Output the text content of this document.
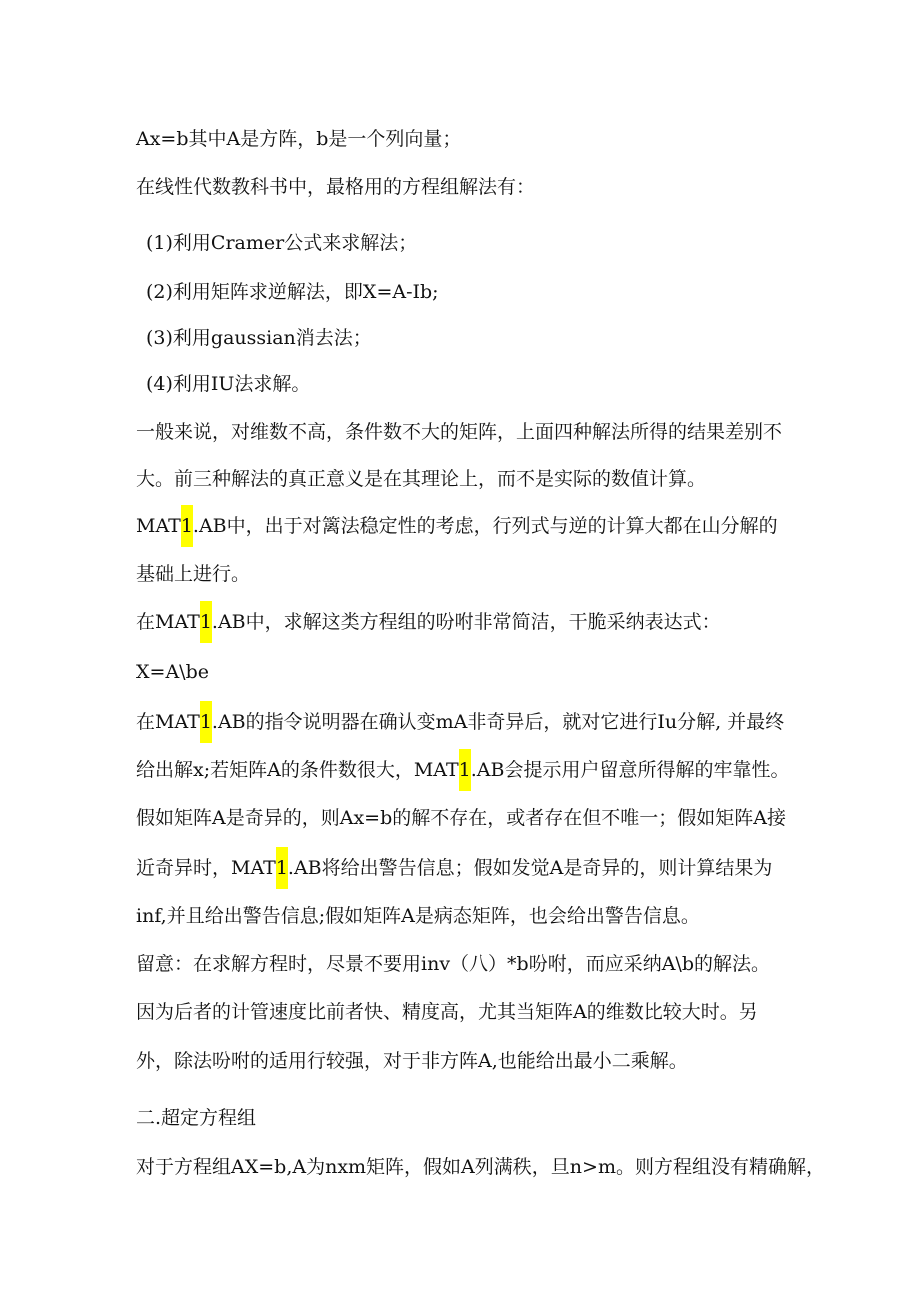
Ax=b其中A是方阵，b是一个列向量；
在线性代数教科书中，最格用的方程组解法有：
(1)利用Cramer公式来求解法；
(2)利用矩阵求逆解法，即X=A-Ib;
(3)利用gaussian消去法；
(4)利用IU法求解。
一般来说，对维数不高，条件数不大的矩阵，上面四种解法所得的结果差别不
大。前三种解法的真正意义是在其理论上，而不是实际的数值计算。
MAT1.AB中，出于对篱法稳定性的考虑，行列式与逆的计算大都在山分解的
基础上进行。
在MAT1.AB中，求解这类方程组的吩咐非常简洁，干脆采纳表达式：
X=A\be
在MAT1.AB的指令说明器在确认变mA非奇异后，就对它进行Iu分解, 并最终
给出解x;若矩阵A的条件数很大，MAT1.AB会提示用户留意所得解的牢靠性。
假如矩阵A是奇异的，则Ax=b的解不存在，或者存在但不唯一；假如矩阵A接
近奇异时，MAT1.AB将给出警告信息；假如发觉A是奇异的，则计算结果为
inf,并且给出警告信息;假如矩阵A是病态矩阵，也会给出警告信息。
留意：在求解方程时，尽景不要用inv（八）*b吩咐，而应采纳A\b的解法。
因为后者的计管速度比前者快、精度高，尤其当矩阵A的维数比较大时。另
外，除法吩咐的适用行较强，对于非方阵A,也能给出最小二乘解。
二.超定方程组
对于方程组AX=b,A为nxm矩阵，假如A列满秩，旦n>m。则方程组没有精确解，
